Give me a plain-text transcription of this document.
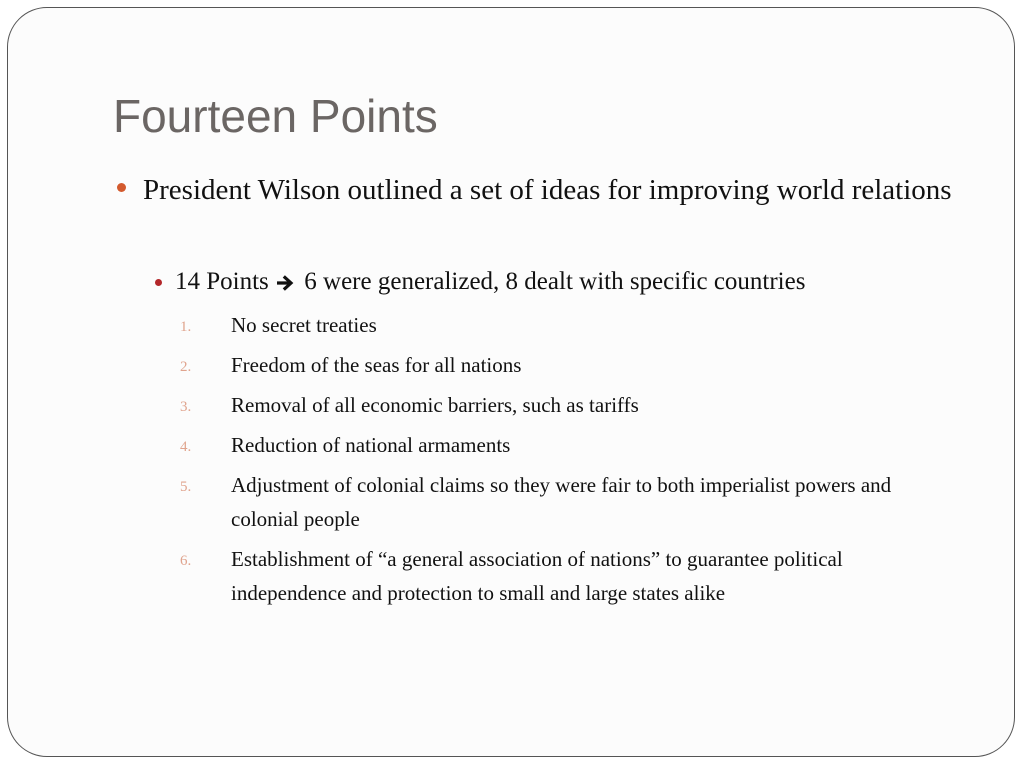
Fourteen Points

President Wilson outlined a set of ideas for improving world relations

14 Points 6 were generalized, 8 dealt with specific countries

1. No secret treaties

2. Freedom of the seas for all nations

3. Removal of all economic barriers, such as tariffs

4. Reduction of national armaments

5. Adjustment of colonial claims so they were fair to both imperialist powers and colonial people

6. Establishment of “a general association of nations” to guarantee political independence and protection to small and large states alike
